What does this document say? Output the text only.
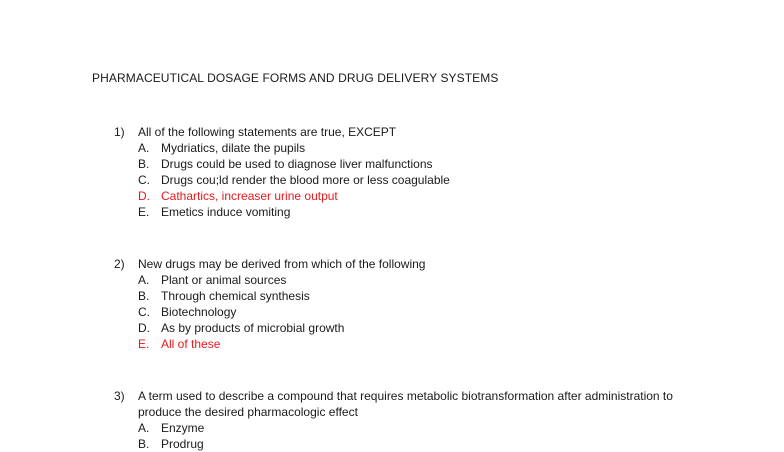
PHARMACEUTICAL DOSAGE FORMS AND DRUG DELIVERY SYSTEMS
1) All of the following statements are true, EXCEPT
A. Mydriatics, dilate the pupils
B. Drugs could be used to diagnose liver malfunctions
C. Drugs cou;ld render the blood more or less coagulable
D. Cathartics, increaser urine output
E. Emetics induce vomiting
2) New drugs may be derived from which of the following
A. Plant or animal sources
B. Through chemical synthesis
C. Biotechnology
D. As by products of microbial growth
E. All of these
3) A term used to describe a compound that requires metabolic biotransformation after administration to
produce the desired pharmacologic effect
A. Enzyme
B. Prodrug
